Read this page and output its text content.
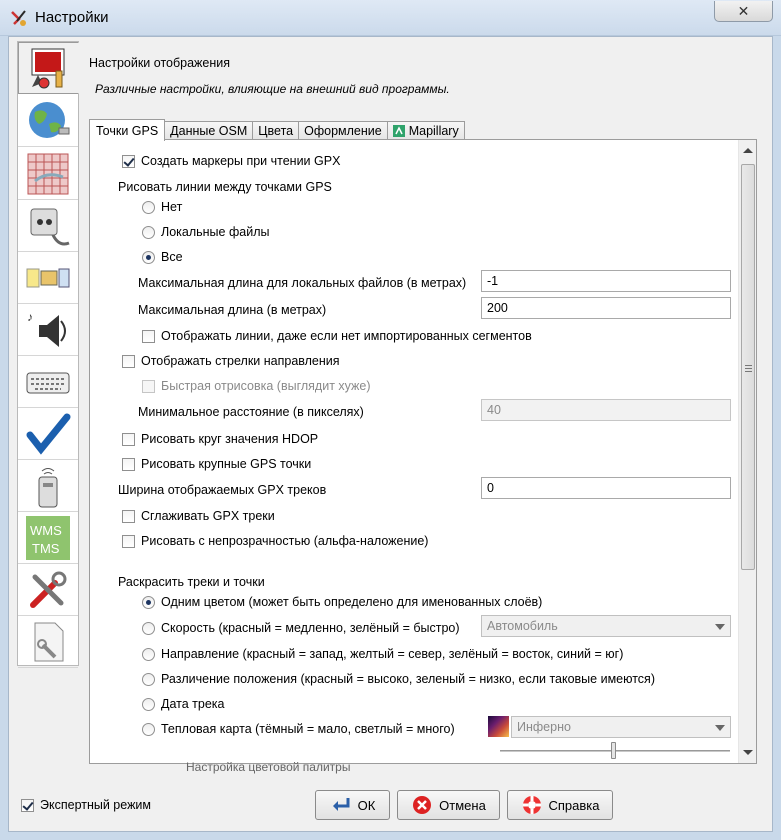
Настройки	✕
♪
WMS
TMS
Настройки отображения
Различные настройки, влияющие на внешний вид программы.
Точки GPS Данные OSM Цвета Оформление Mapillary
Создать маркеры при чтении GPX
Рисовать линии между точками GPS
Нет
Локальные файлы
Все
Максимальная длина для локальных файлов (в метрах)	-1
Максимальная длина (в метрах)	200
Отображать линии, даже если нет импортированных сегментов
Отображать стрелки направления
Быстрая отрисовка (выглядит хуже)
Минимальное расстояние (в пикселях)	40
Рисовать круг значения HDOP
Рисовать крупные GPS точки
Ширина отображаемых GPX треков	0
Сглаживать GPX треки
Рисовать с непрозрачностью (альфа-наложение)
Раскрасить треки и точки
Одним цветом (может быть определено для именованных слоёв)
Скорость (красный = медленно, зелёный = быстро)	Автомобиль
Направление (красный = запад, желтый = север, зелёный = восток, синий = юг)
Различение положения (красный = высоко, зеленый = низко, если таковые имеются)
Дата трека
Тепловая карта (тёмный = мало, светлый = много)	Инферно
Настройка цветовой палитры
Экспертный режим	ОК	Отмена	Справка
